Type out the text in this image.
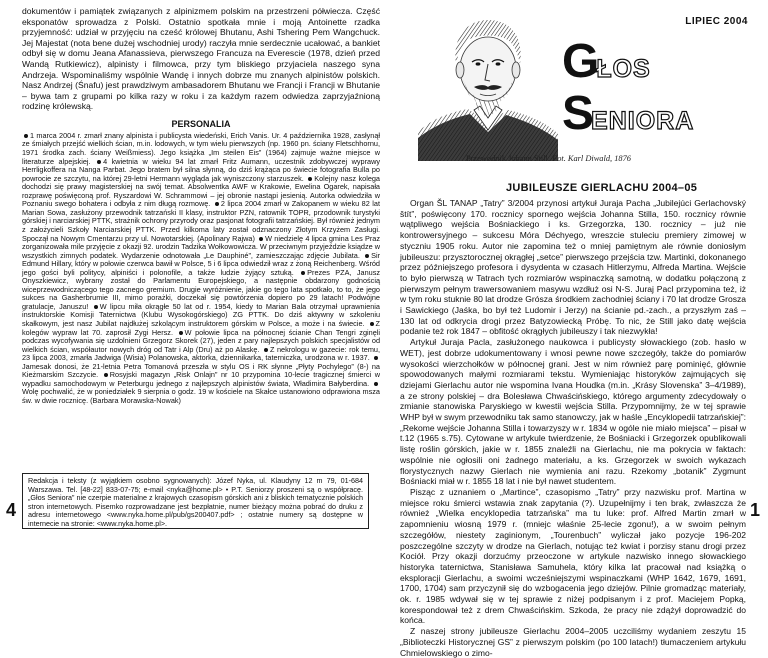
4	1

dokumentów i pamiątek związanych z alpinizmem polskim na przestrzeni półwiecza. Część eksponatów sprowadza z Polski. Ostatnio spotkała mnie i moją Antoinette rzadka przyjemność: udział w przyjęciu na cześć królowej Bhutanu, Ashi Tshering Pem Wangchuck. Jej Majestat (nota bene dużej wschodniej urody) raczyła mnie serdecznie ucałować, a bankiet odbył się w domu Jeana Afanassieva, pierwszego Francuza na Everescie (1978, dzień przed Wandą Rutkiewicz), alpinisty i filmowca, przy tym bliskiego przyjaciela naszego syna Andrzeja. Wspominaliśmy wspólnie Wandę i innych dobrze mu znanych alpinistów polskich. Nasz Andrzej (Śnafu) jest prawdziwym ambasadorem Bhutanu we Francji i Francji w Bhutanie – bywa tam z grupami po kilka razy w roku i za każdym razem odwiedza zaprzyjaźnioną rodzinę królewską.

PERSONALIA

1 marca 2004 r. zmarł znany alpinista i publicysta wiedeński, Erich Vanis. Ur. 4 października 1928, zasłynął ze śmiałych przejść wielkich ścian, m.in. lodowych, w tym wielu pierwszych (np. 1960 pn. ściany Fletschhornu, 1971 środka zach. ściany Weißmiess). Jego książka „Im steilen Eis” (1964) zajmuje ważne miejsce w literaturze alpejskiej. 4 kwietnia w wieku 94 lat zmarł Fritz Aumann, uczestnik zdobywczej wyprawy Herrligkoffera na Nanga Parbat. Jego bratem był silna słynną, do dziś krążąca po świecie fotografia Bulla po powrocie ze szczytu, na której 29-letni Hermann wygląda jak wyniszczony starzuszek. Kolejny nasz kolega dochodzi się prawy magisterskiej na swój temat. Absolwentka AWF w Krakowie, Ewelina Ogarek, napisała rozprawę poświęconą prof. Ryszardowi W. Schrammowi – jej obronie nastąpi jesienią. Autorka odwiedziła w Poznaniu swego bohatera i odbyła z nim długą rozmowę. 2 lipca 2004 zmarł w Zakopanem w wieku 82 lat Marian Sowa, zasłużony przewodnik tatrzański II klasy, instruktor PZN, ratownik TOPR, przodownik turystyki górskiej i narciarskiej PTTK, strażnik ochrony przyrody oraz pasjonat fotografii tatrzańskiej. Był również jednym z założycieli Szkoły Narciarskiej PTTK. Przed kilkoma laty został odznaczony Złotym Krzyżem Zasługi. Spoczął na Nowym Cmentarzu przy ul. Nowotarskiej. (Apolinary Rajwa) W niedzielę 4 lipca gmina Les Praz zorganizowała mile przyjęcie z okazji 92. urodzin Tadzika Wołkowowicza. W przeciwnym przyjeździe ksiądze w wszystkich zimnych podatek. Wydarzenie odnotowała „Le Dauphiné”, zamieszczając zdjęcie Jubilata. Sir Edmund Hillary, który w połowie czerwca bawił w Polsce, 5 i 6 lipca odwiedził wraz z żoną Reichenberg. Wśród jego gości byli politycy, alpiniści i polonofile, a także ludzie żyjący sztuką. Prezes PZA, Janusz Onyszkiewicz, wybrany został do Parlamentu Europejskiego, a następnie obdarzony godnością wiceprzewodniczącego tego zacnego gremium. Drugie wyróżnienie, jakie go tego lata spotkało, to to, że jego sukces na Gasherbrumie III, mimo porażki, doczekał się powtórzenia dopiero po 29 latach! Podwójne gratulacje, Januszu! W lipcu miła okrągłe 50 lat od r. 1954, kiedy to Marian Bala otrzymał uprawnienia instruktorskie Komisji Taternictwa (Klubu Wysokogórskiego) ZG PTTK. Do dziś aktywny w szkoleniu skałkowym, jest nasz Jubilat najdłużej szkolącym instruktorem górskim w Polsce, a może i na świecie. Z kolegów wypraw lat 70. zaprosił Zygi Hersz. W połowie lipca na północnej ścianie Chan Tengri zginęli podczas wycofywania się uzdolnieni Grzegorz Skorek (27), jeden z pary najlepszych polskich specjalistów od wielkich ścian, współautor nowych dróg od Tatr i Alp (Dru) aż po Alaskę. Z nekrologu w gazecie: rok temu, 23 lipca 2003, zmarła Jadwiga (Wisia) Polanowska, aktorka, dziennikarka, taterniczka, urodzona w r. 1937. Jamesak donosi, że 21-letnia Petra Tomanová przeszła w stylu OS i RK słynne „Płyty Pochylego” (8-) na Kieżmarskim Szczycie. Rosyjski magazyn „Risk Onlajn” nr 10 przypomina 10-lecie tragicznej śmierci w wypadku samochodowym w Peterburgu jednego z najlepszych alpinistów świata, Władimira Bałyberdina. Wolę pochwalić, że w poniedziałek 9 sierpnia o godz. 19 w kościele na Skałce ustanowiono odprawiona msza św. w dwie rocznicę. (Barbara Morawska-Nowak)

Redakcja i teksty (z wyjątkiem osobno sygnowanych): Józef Nyka, ul. Klaudyny 12 m 79, 01-684 Warszawa. Tel. [48-22] 833-07-75; e-mail <nyka@home.pl> • P.T. Seniorzy proszeni są o współpracę. „Głos Seniora” nie czerpie materialne z krajowych czasopism górskich ani z bliskich tematycznie polskich stron internetowych. Pisemko rozprowadzane jest bezpłatnie, numer bieżący można pobrać do druku z adresu internetowego <www.nyka.home.pl/pub/gs200407.pdf> ; ostatnie numery są dostępne w internecie na stronie: <www.nyka.home.pl>.
LIPIEC 2004
GŁOS
SENIORA
Przewodnik Johann Still. Fot. Karl Diwald, 1876
JUBILEUSZE GIERLACHU 2004–05

Organ ŠL TANAP „Tatry” 3/2004 przynosi artykuł Juraja Pacha „Jubilejúci Gerlachovský štít”, poświęcony 170. rocznicy spornego wejścia Johanna Stilla, 150. rocznicy równie wątpliwego wejścia Bośniackiego i ks. Grzegorzka, 130. rocznicy – już nie kontrowersyjnego – sukcesu Móra Déchyego, wreszcie stuleciu premiery zimowej w styczniu 1905 roku. Autor nie zapomina też o mniej pamiętnym ale równie doniosłym jubileuszu: przysztorocznej okrągłej „setce” pierwszego przejścia tzw. Martinki, dokonanego przez późniejszego profesora i dysydenta w czasach Hitlerzymu, Alfreda Martina. Wejście to było pierwszą w Tatrach tych rozmiarów wspinaczką samotną, w dodatku połączoną z pierwszym pełnym trawersowaniem masywu wzdłuż osi N-S. Juraj Pacl przypomina też, iż w tym roku stuknie 80 lat drodze Grósza środkiem zachodniej ściany i 70 lat drodze Grosza i Sawickiego (Jaśka, bo był też Ludomir i Jerzy) na ścianie pd.-zach., a przyszłym zaś – 130 lat od odkrycia drogi przez Batyzowiecką Próbę. To nic, że Still jako datę wejścia podanie też rok 1847 – obfitość okrągłych jubileuszy i tak niezwykła!

Artykuł Juraja Pacla, zasłużonego naukowca i publicysty słowackiego (zob. hasło w WET), jest dobrze udokumentowany i wnosi pewne nowe szczegóły, także do pomiarów wysokości wierzchołków w północnej grani. Jest w nim również parę pominięć, głównie spowodowanych małymi rozmiarami tekstu. Wymieniając historyków zajmujących się dziejami Gierlachu autor nie wspomina Ivana Houdka (m.in. „Krásy Slovenska” 3–4/1989), a ze strony polskiej – dra Bolesława Chwaścińskiego, którego argumenty zdecydowały o zmianie stanowiska Paryskiego w kwestii wejścia Stilla. Przypomnijmy, że w tej sprawie WHP był w swym przewodniku tak samo stanowczy, jak w haśle „Encyklopedii tatrzańskiej”: „Rekome wejście Johanna Stilla i towarzyszy w r. 1834 w ogóle nie miało miejsca” – pisał w t.12 (1965 s.75). Cytowane w artykule twierdzenie, że Bośniacki i Grzegorzek opublikowali listę roślin górskich, jakie w r. 1855 znaleźli na Gierlachu, nie ma pokrycia w faktach: wspólnie nie ogłosili oni żadnego materiału, a ks. Grzegorzek w swoich wykazach florystycznych nazwy Gierlach nie wymienia ani razu. Rzekomy „botanik” Zygmunt Bośniacki miał w r. 1855 18 lat i nie był nawet studentem.

Pisząc z uznaniem o „Martince”, czasopismo „Tatry” przy nazwisku prof. Martina w miejsce roku śmierci wstawia znak zapytania (?). Uzupełnijmy i ten brak, zwłaszcza że również „Wielka encyklopedia tatrzańska” ma tu luke: prof. Alfred Martin zmarł w zapomnieniu wiosną 1979 r. (mniejc właśnie 25-lecie zgonu!), a w swoim pełnym szczegółów, niestety zaginionym, „Tourenbuch” wyliczał jako pozycje 196-202 poszczególne szczyty w drodze na Gierlach, notując też kwiat i porzisy stanu drogi przez Kociół. Przy okazji dorzućmy przeoczone w artykule nazwisko innego słowackiego historyka taternictwa, Stanisława Samuhela, który kilka lat pracował nad książką o eksploracji Gierlachu, a swoimi wcześniejszymi wspinaczkami (WHP 1642, 1679, 1691, 1700, 1704) sam przyczynił się do wzbogacenia jego dziejów. Pilnie gromadząc materiały, ok. r. 1985 wdywał się w tej sprawie z niżej podpisanym i z prof. Maciejem Popką, korespondował też z drem Chwaścińskim. Szkoda, że pracy nie zdążył doprowadzić do końca.

Z naszej strony jubileusze Gierlachu 2004–2005 uczciliśmy wydaniem zeszytu 15 „Biblioteczki Historycznej GS” z pierwszym polskim (po 100 latach!) tłumaczeniem artykułu Chmielowskiego o zimo-
